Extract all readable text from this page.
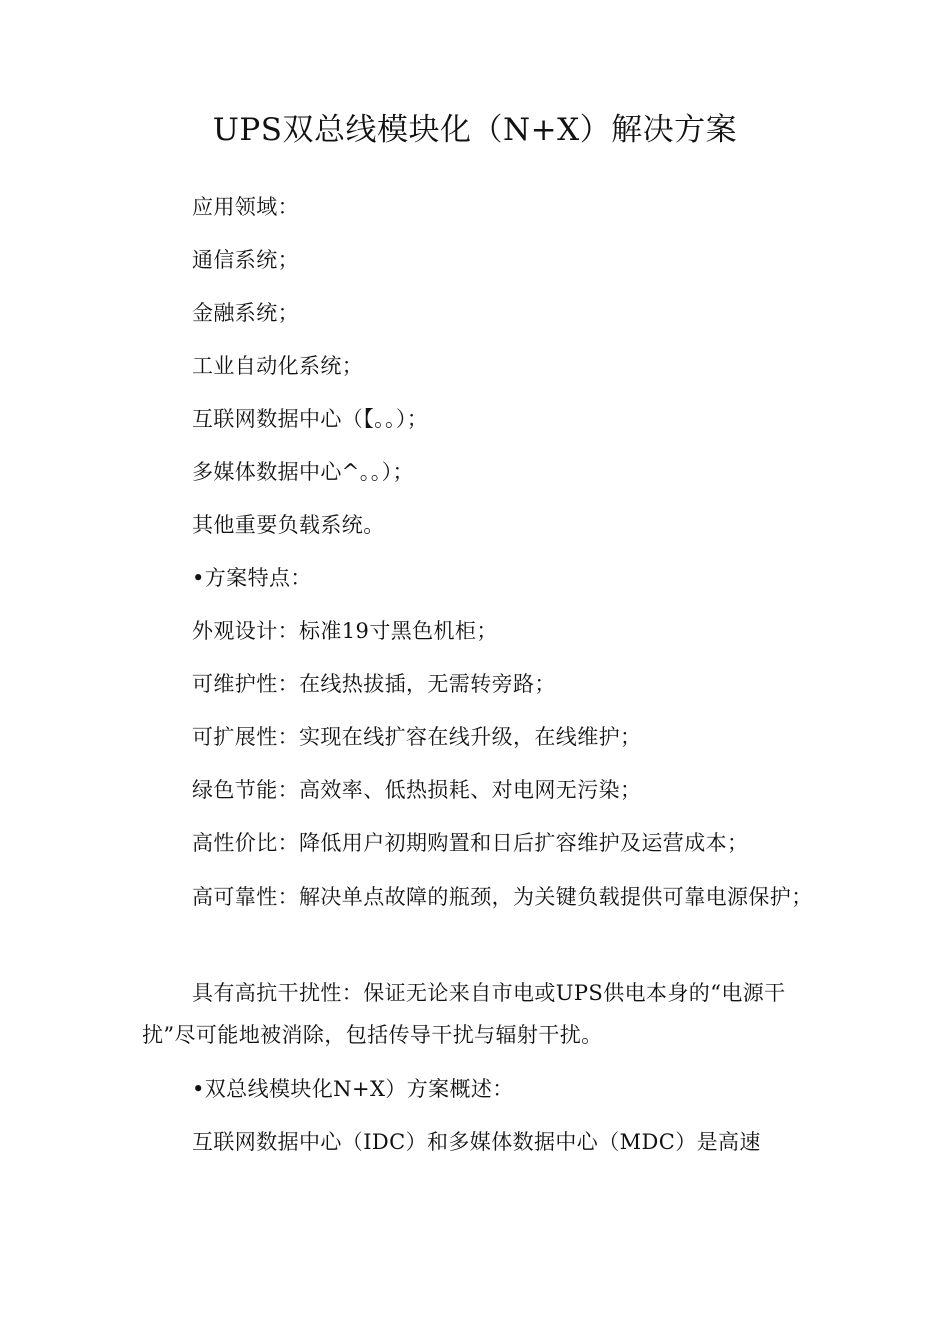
UPS双总线模块化（N+X）解决方案

应用领域：

通信系统；

金融系统；

工业自动化系统；

互联网数据中心（【。。）；

多媒体数据中心^。。）；

其他重要负载系统。

•方案特点：

外观设计：标准19寸黑色机柜；

可维护性：在线热拔插，无需转旁路；

可扩展性：实现在线扩容在线升级，在线维护；

绿色节能：高效率、低热损耗、对电网无污染；

高性价比：降低用户初期购置和日后扩容维护及运营成本；

高可靠性：解决单点故障的瓶颈，为关键负载提供可靠电源保护；

具有高抗干扰性：保证无论来自市电或UPS供电本身的“电源干扰”尽可能地被消除，包括传导干扰与辐射干扰。

•双总线模块化N+X）方案概述：

互联网数据中心（IDC）和多媒体数据中心（MDC）是高速
